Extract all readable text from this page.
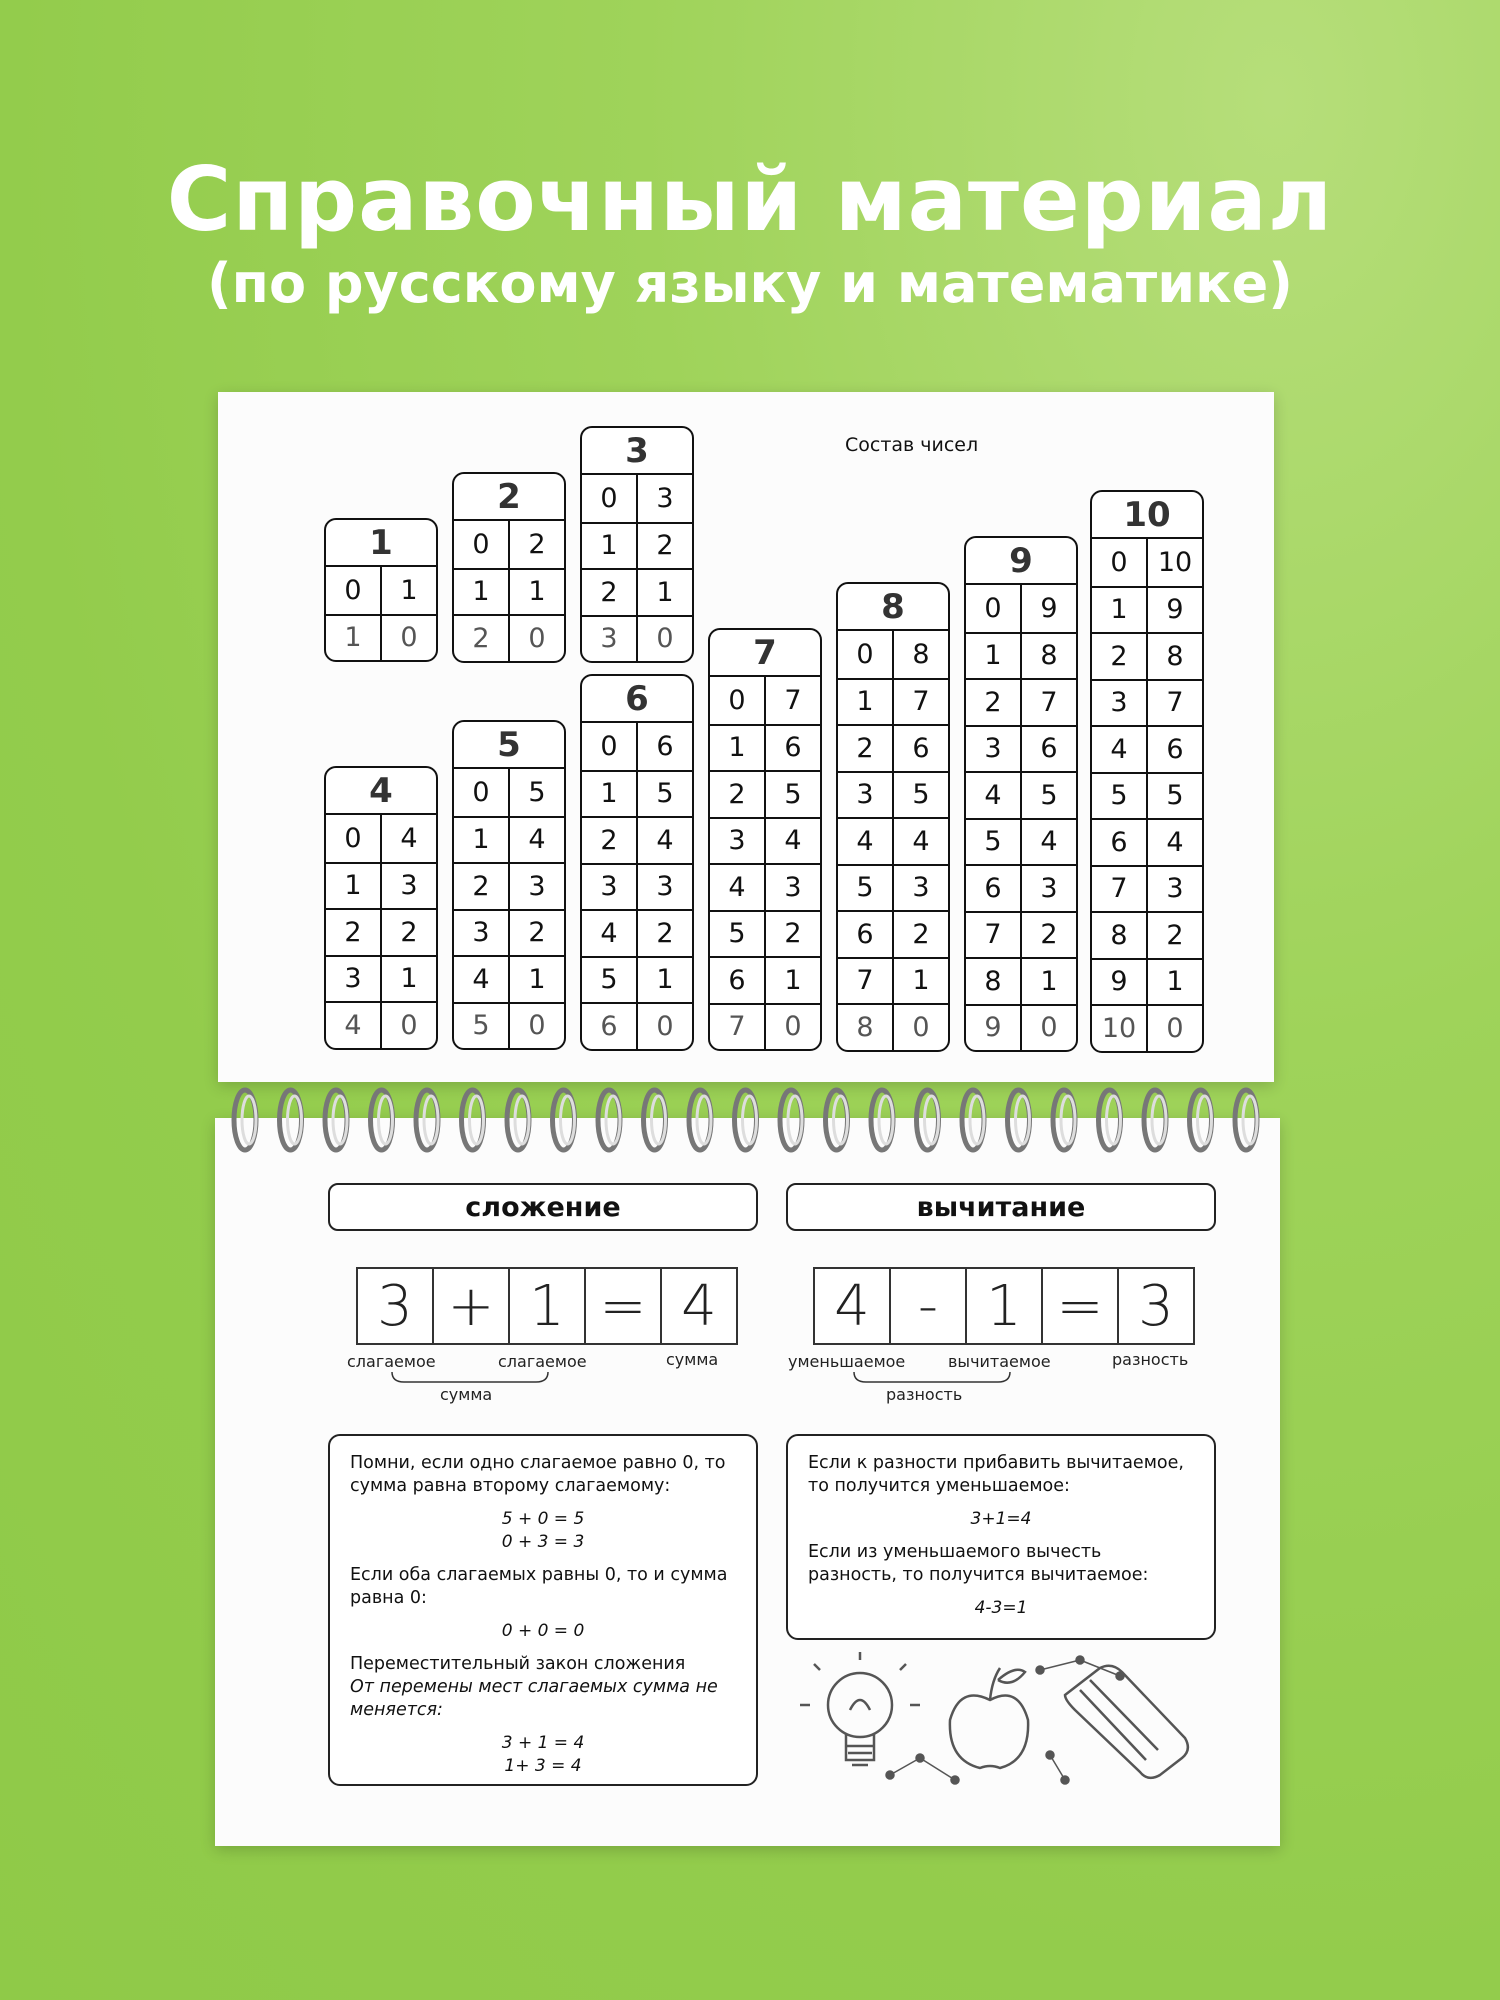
Справочный материал
(по русскому языку и математике)
Состав чисел
1
0	1
1	0
2
0	2
1	1
2	0
3
0	3
1	2
2	1
3	0
4
0	4
1	3
2	2
3	1
4	0
5
0	5
1	4
2	3
3	2
4	1
5	0
6
0	6
1	5
2	4
3	3
4	2
5	1
6	0
7
0	7
1	6
2	5
3	4
4	3
5	2
6	1
7	0
8
0	8
1	7
2	6
3	5
4	4
5	3
6	2
7	1
8	0
9
0	9
1	8
2	7
3	6
4	5
5	4
6	3
7	2
8	1
9	0
10
0	10
1	9
2	8
3	7
4	6
5	5
6	4
7	3
8	2
9	1
10	0
сложение	вычитание
3 + 1 = 4	4 - 1 = 3
слагаемое	слагаемое	сумма
сумма
уменьшаемое	вычитаемое	разность
разность

Помни, если одно слагаемое равно 0, то сумма равна второму слагаемому:

5 + 0 = 5

0 + 3 = 3

Если оба слагаемых равны 0, то и сумма равна 0:

0 + 0 = 0

Переместительный закон сложения

От перемены мест слагаемых сумма не меняется:

3 + 1 = 4

1+ 3 = 4

Если к разности прибавить вычитаемое, то получится уменьшаемое:

3+1=4

Если из уменьшаемого вычесть разность, то получится вычитаемое:

4-3=1
